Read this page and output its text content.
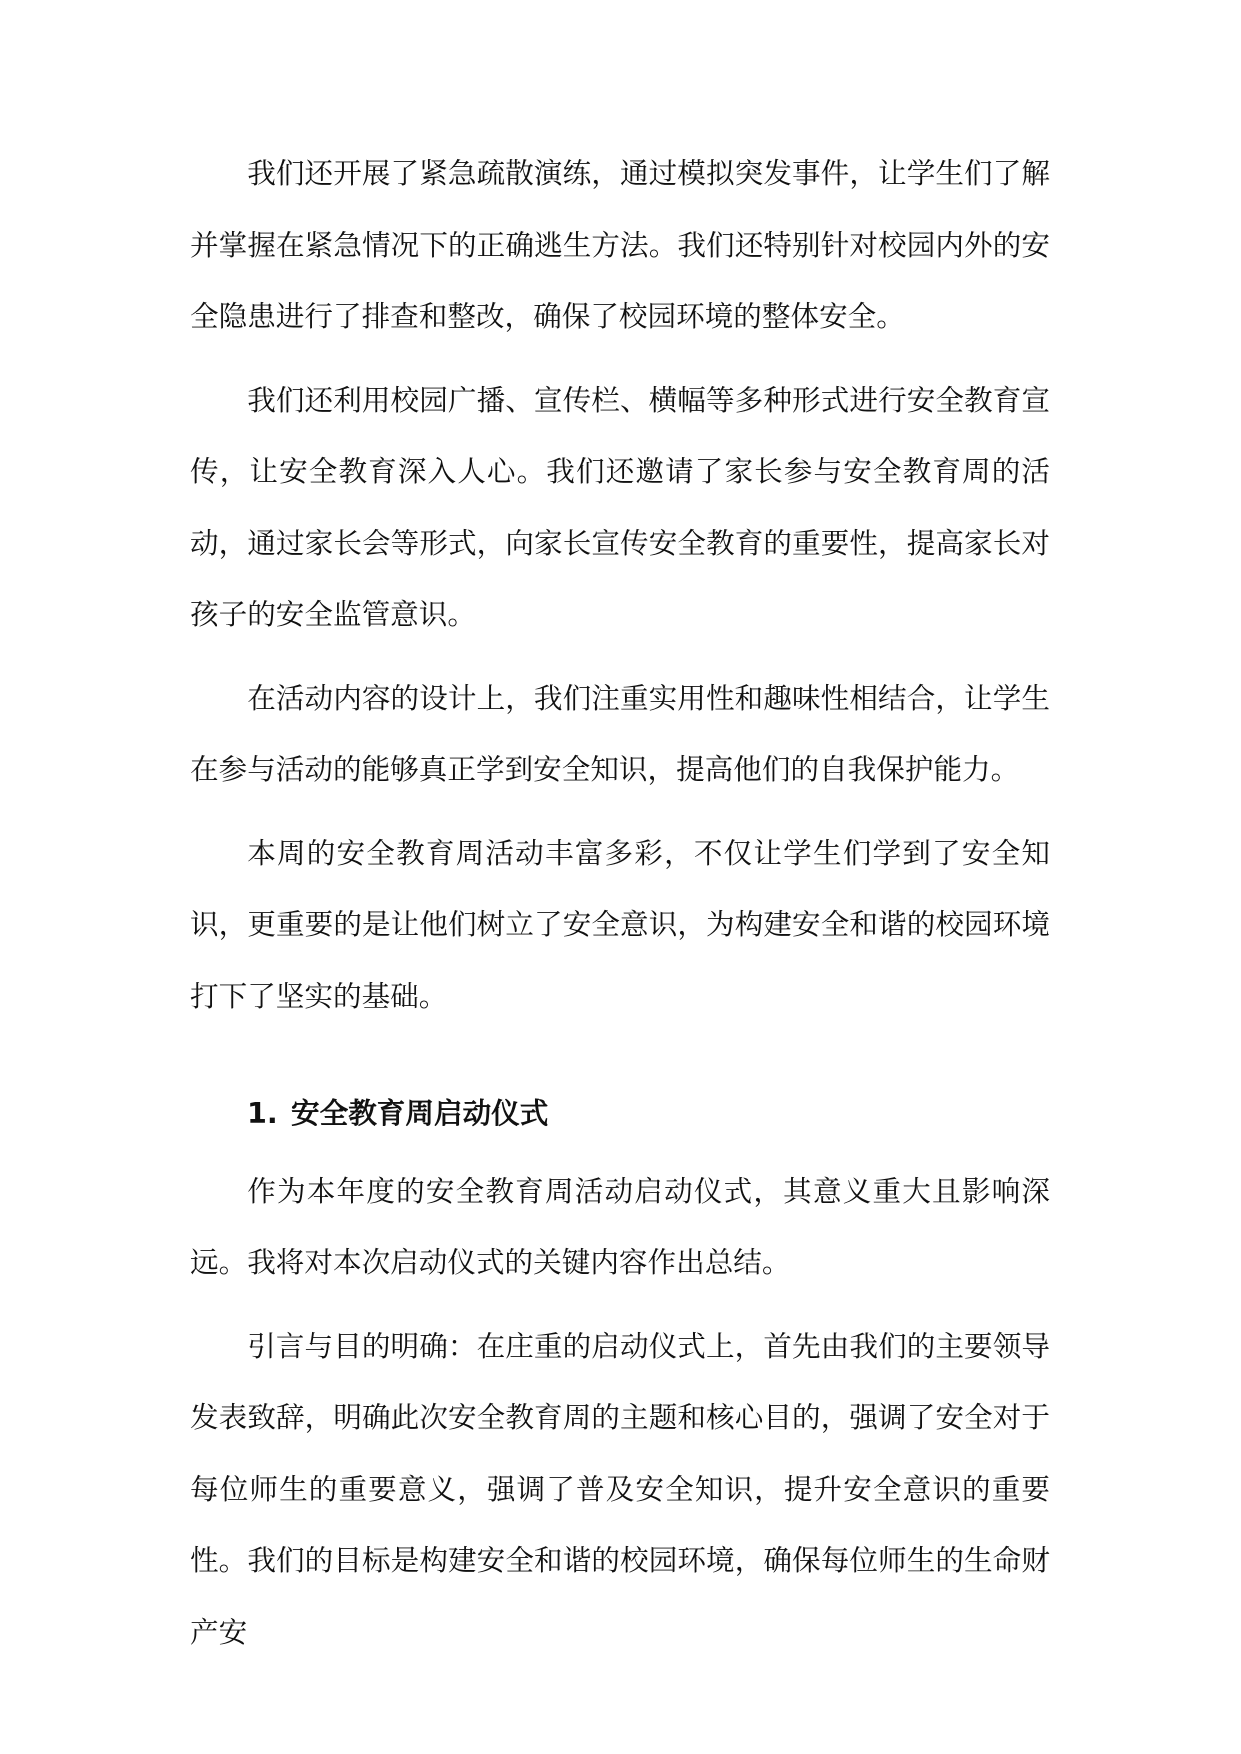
我们还开展了紧急疏散演练，通过模拟突发事件，让学生们了解并掌握在紧急情况下的正确逃生方法。我们还特别针对校园内外的安全隐患进行了排查和整改，确保了校园环境的整体安全。

我们还利用校园广播、宣传栏、横幅等多种形式进行安全教育宣传，让安全教育深入人心。我们还邀请了家长参与安全教育周的活动，通过家长会等形式，向家长宣传安全教育的重要性，提高家长对孩子的安全监管意识。

在活动内容的设计上，我们注重实用性和趣味性相结合，让学生在参与活动的能够真正学到安全知识，提高他们的自我保护能力。

本周的安全教育周活动丰富多彩，不仅让学生们学到了安全知识，更重要的是让他们树立了安全意识，为构建安全和谐的校园环境打下了坚实的基础。

1. 安全教育周启动仪式

作为本年度的安全教育周活动启动仪式，其意义重大且影响深远。我将对本次启动仪式的关键内容作出总结。

引言与目的明确：在庄重的启动仪式上，首先由我们的主要领导发表致辞，明确此次安全教育周的主题和核心目的，强调了安全对于每位师生的重要意义，强调了普及安全知识，提升安全意识的重要性。我们的目标是构建安全和谐的校园环境，确保每位师生的生命财产安
